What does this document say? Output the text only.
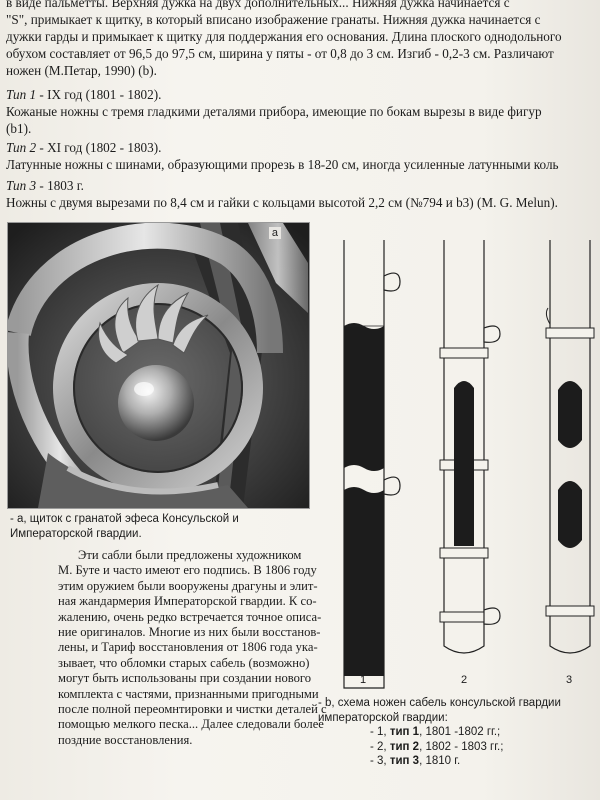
в виде пальметты. Верхняя дужка на двух дополнительных... Нижняя дужка начинается с
"S", примыкает к щитку, в который вписано изображение гранаты. Нижняя дужка начинается с
дужки гарды и примыкает к щитку для поддержания его основания. Длина плоского однодольного
обухом составляет от 96,5 до 97,5 см, ширина у пяты - от 0,8 до 3 см. Изгиб - 0,2-3 см. Различают
ножен (М.Петар, 1990) (b).
Тип 1 - IX год (1801 - 1802).
Кожаные ножны с тремя гладкими деталями прибора, имеющие по бокам вырезы в виде фигур
(b1).
Тип 2 - XI год (1802 - 1803).
Латунные ножны с шинами, образующими прорезь в 18-20 см, иногда усиленные латунными коль
Тип 3 - 1803 г.
Ножны с двумя вырезами по 8,4 см и гайки с кольцами высотой 2,2 см (№794 и b3) (M. G. Melun).
а
- а, щиток с гранатой эфеса Консульской и Императорской гвардии.
Эти сабли были предложены художником
М. Буте и часто имеют его подпись. В 1806 году
этим оружием были вооружены драгуны и элит-
ная жандармерия Императорской гвардии. К со-
жалению, очень редко встречается точное описа-
ние оригиналов. Многие из них были восстанов-
лены, и Тариф восстановления от 1806 года ука-
зывает, что обломки старых сабель (возможно)
могут быть использованы при создании нового
комплекта с частями, признанными пригодными
после полной переомнтировки и чистки деталей с
помощью мелкого песка... Далее следовали более
поздние восстановления.
1	2	3
- b, схема ножен сабель консульской гвардии
императорской гвардии:
- 1, тип 1, 1801 -1802 гг.;
- 2, тип 2, 1802 - 1803 гг.;
- 3, тип 3, 1810 г.
